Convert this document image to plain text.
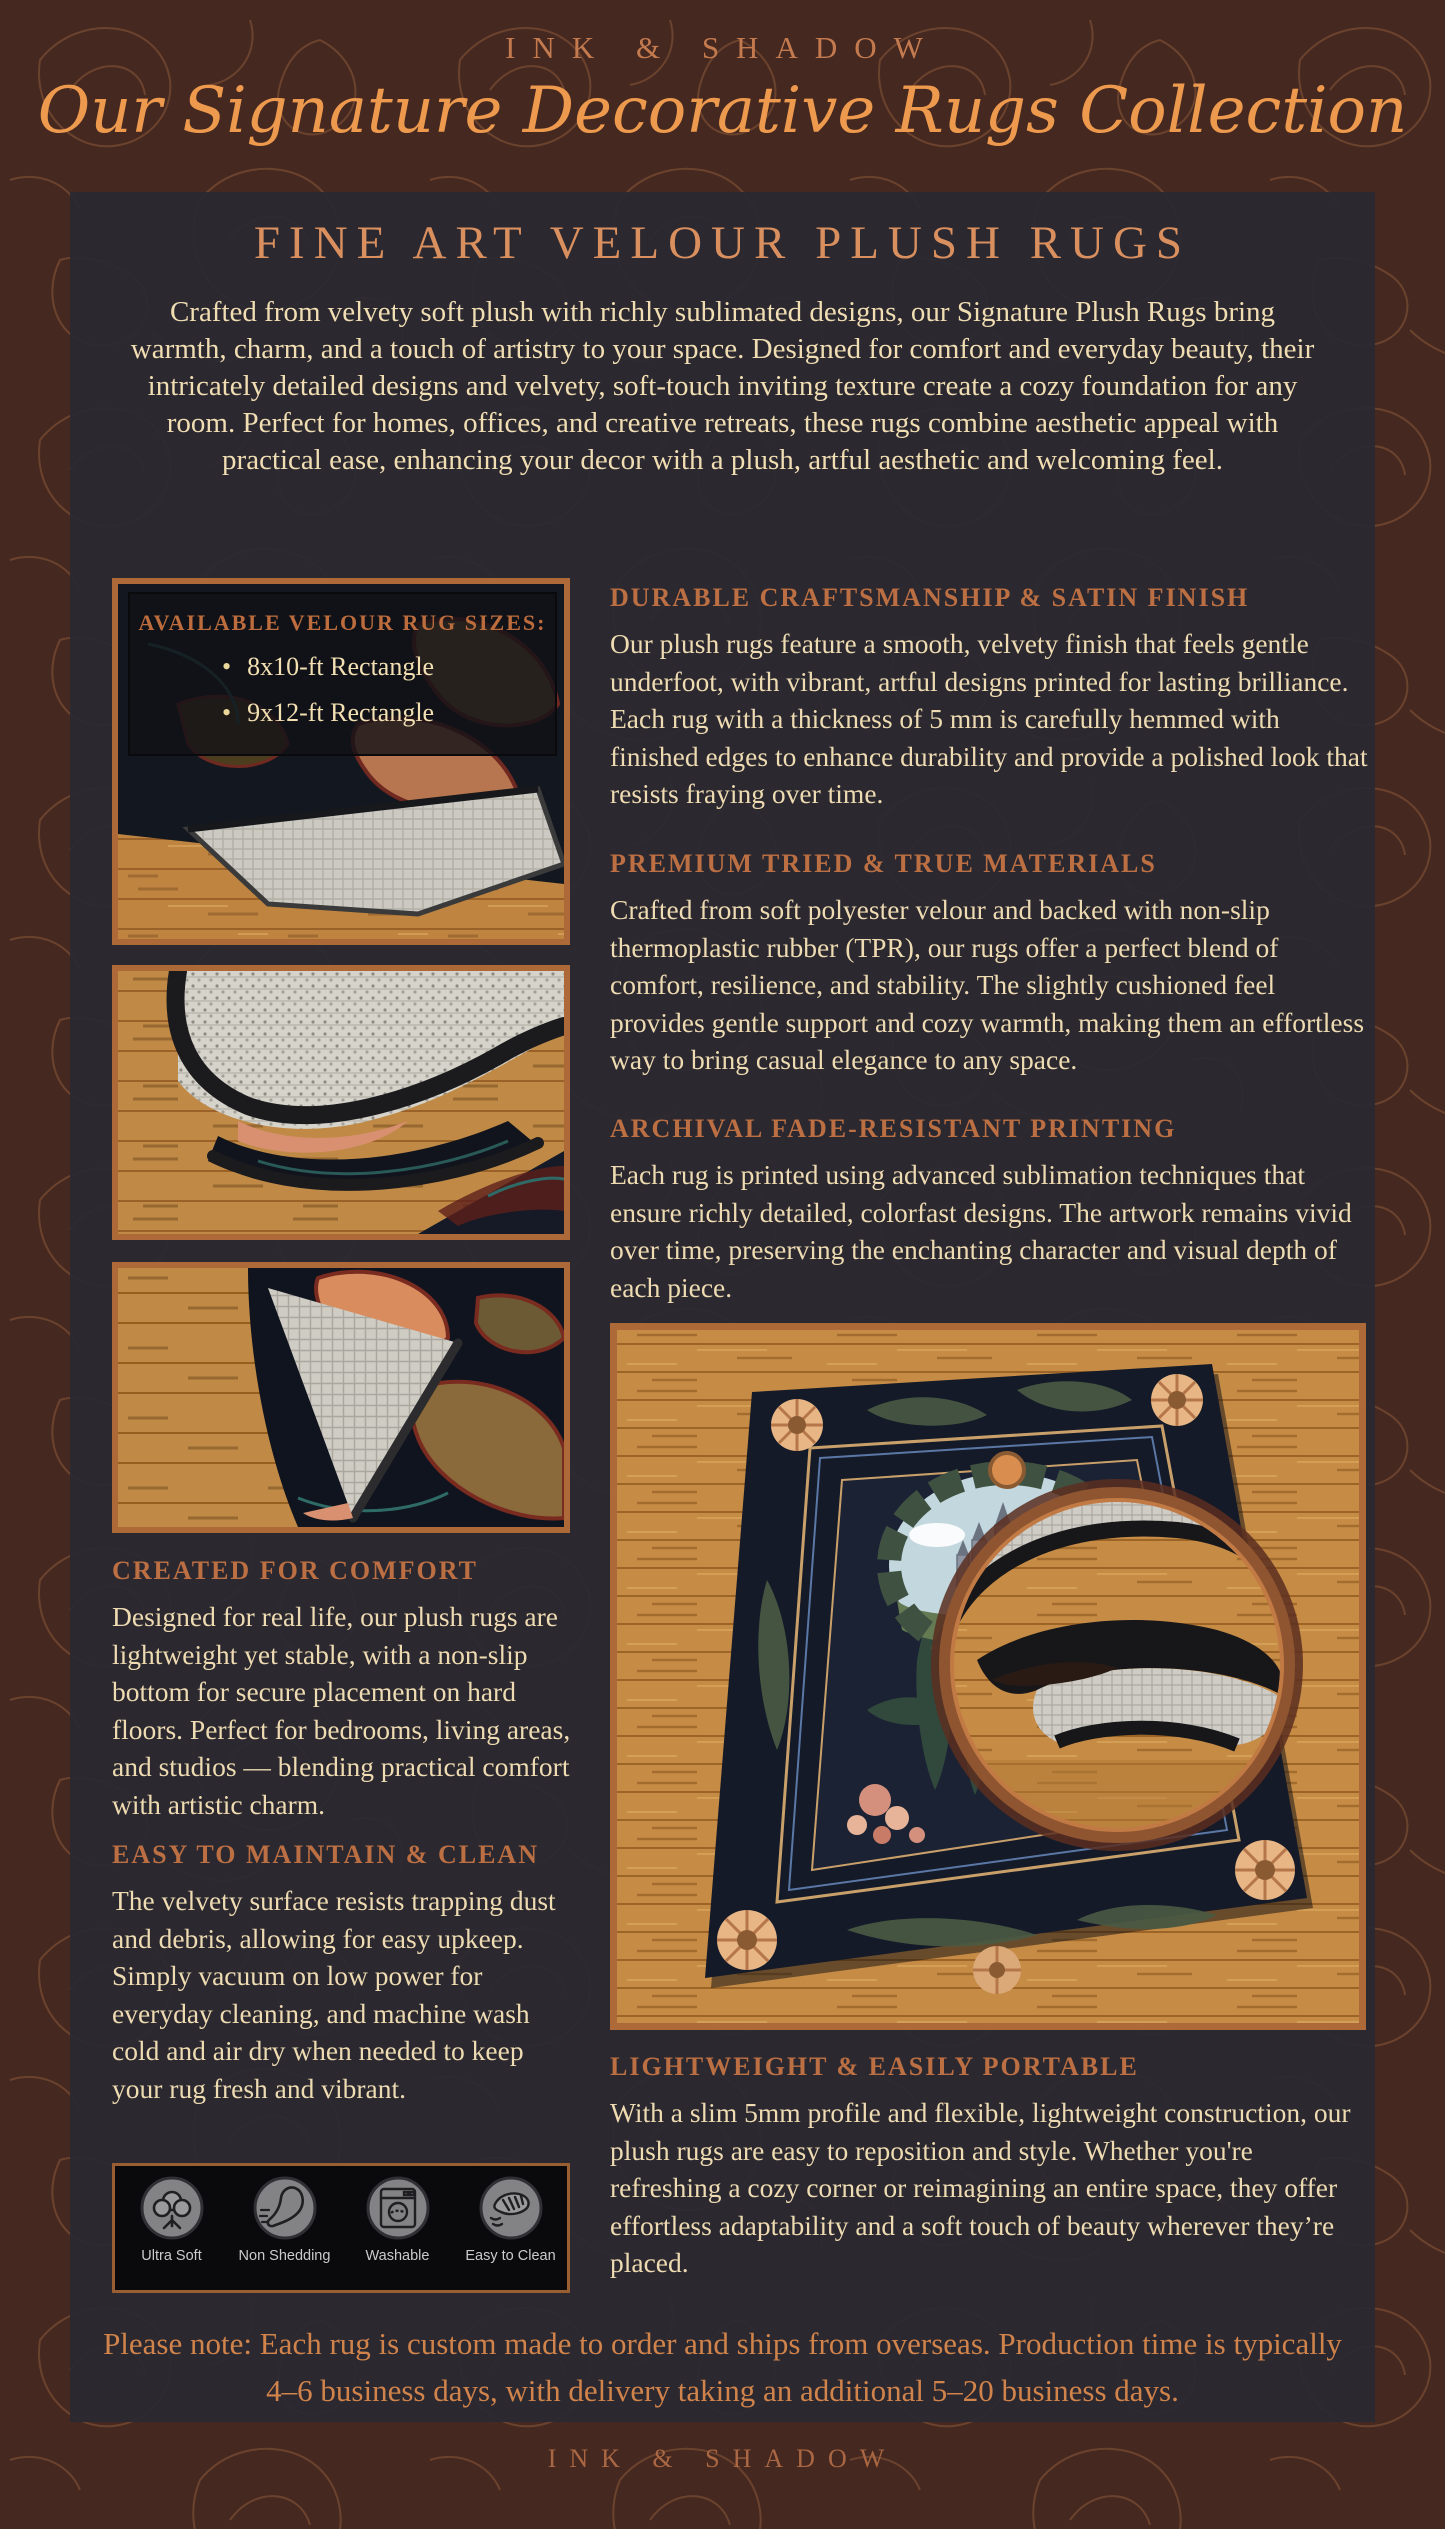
INK & SHADOW
Our Signature Decorative Rugs Collection
FINE ART VELOUR PLUSH RUGS

Crafted from velvety soft plush with richly sublimated designs, our Signature Plush Rugs bring warmth, charm, and a touch of artistry to your space. Designed for comfort and everyday beauty, their intricately detailed designs and velvety, soft-touch inviting texture create a cozy foundation for any room. Perfect for homes, offices, and creative retreats, these rugs combine aesthetic appeal with practical ease, enhancing your decor with a plush, artful aesthetic and welcoming feel.

AVAILABLE VELOUR RUG SIZES:
• 8x10-ft Rectangle
• 9x12-ft Rectangle
CREATED FOR COMFORT

Designed for real life, our plush rugs are lightweight yet stable, with a non-slip bottom for secure placement on hard floors. Perfect for bedrooms, living areas, and studios — blending practical comfort with artistic charm.

EASY TO MAINTAIN & CLEAN

The velvety surface resists trapping dust and debris, allowing for easy upkeep. Simply vacuum on low power for everyday cleaning, and machine wash cold and air dry when needed to keep your rug fresh and vibrant.

Ultra Soft	Non Shedding Washable Easy to Clean
DURABLE CRAFTSMANSHIP & SATIN FINISH

Our plush rugs feature a smooth, velvety finish that feels gentle underfoot, with vibrant, artful designs printed for lasting brilliance. Each rug with a thickness of 5 mm is carefully hemmed with finished edges to enhance durability and provide a polished look that resists fraying over time.

PREMIUM TRIED & TRUE MATERIALS

Crafted from soft polyester velour and backed with non-slip thermoplastic rubber (TPR), our rugs offer a perfect blend of comfort, resilience, and stability. The slightly cushioned feel provides gentle support and cozy warmth, making them an effortless way to bring casual elegance to any space.

ARCHIVAL FADE-RESISTANT PRINTING

Each rug is printed using advanced sublimation techniques that ensure richly detailed, colorfast designs. The artwork remains vivid over time, preserving the enchanting character and visual depth of each piece.

LIGHTWEIGHT & EASILY PORTABLE

With a slim 5mm profile and flexible, lightweight construction, our plush rugs are easy to reposition and style. Whether you're refreshing a cozy corner or reimagining an entire space, they offer effortless adaptability and a soft touch of beauty wherever they’re placed.

Please note: Each rug is custom made to order and ships from overseas. Production time is typically 4–6 business days, with delivery taking an additional 5–20 business days.

INK & SHADOW
